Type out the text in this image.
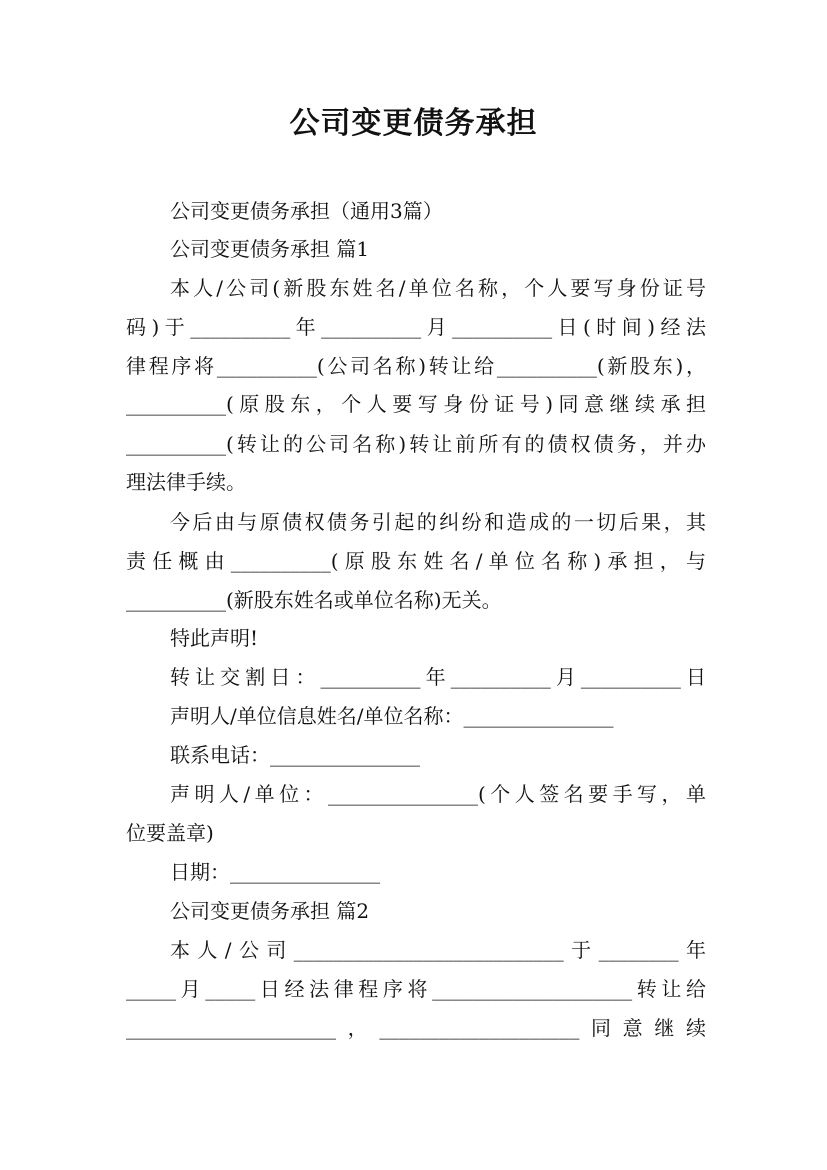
公司变更债务承担
公司变更债务承担（通用3篇）
公司变更债务承担 篇1
本人/公司(新股东姓名/单位名称，个人要写身份证号
码)于__________年__________月__________日(时间)经法
律程序将__________(公司名称)转让给__________(新股东)，
__________(原股东，个人要写身份证号)同意继续承担
__________(转让的公司名称)转让前所有的债权债务，并办
理法律手续。
今后由与原债权债务引起的纠纷和造成的一切后果，其
责任概由__________(原股东姓名/单位名称)承担，与
__________(新股东姓名或单位名称)无关。
特此声明!
转让交割日：__________年__________月__________日
声明人/单位信息姓名/单位名称：_______________
联系电话：_______________
声明人/单位：_______________(个人签名要手写，单
位要盖章)
日期：_______________
公司变更债务承担 篇2
本人/公司___________________________于________年
_____月_____日经法律程序将____________________转让给
_____________________，____________________同意继续
